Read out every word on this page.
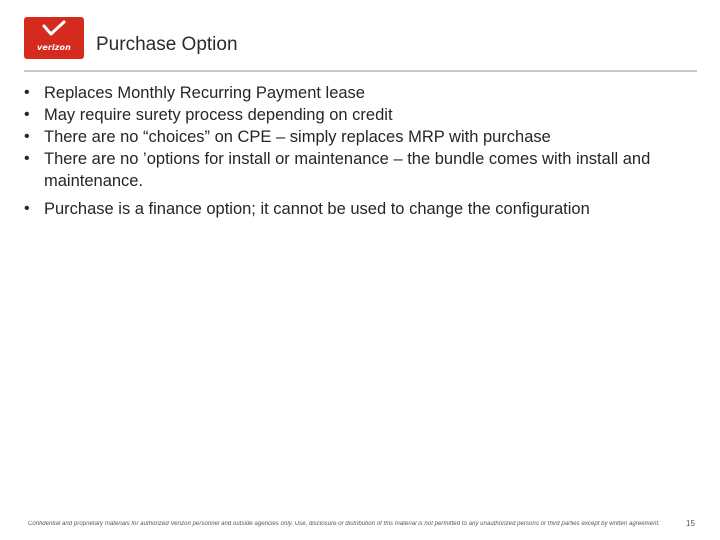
verizon	Purchase Option
• Replaces Monthly Recurring Payment lease
• May require surety process depending on credit
• There are no “choices” on CPE – simply replaces MRP with purchase
• There are no ’options for install or maintenance – the bundle comes with install and maintenance.
• Purchase is a finance option; it cannot be used to change the configuration
Confidential and proprietary materials for authorized Verizon personnel and outside agencies only. Use, disclosure or distribution of this material is not permitted to any unauthorized persons or third parties except by written agreement.	15
